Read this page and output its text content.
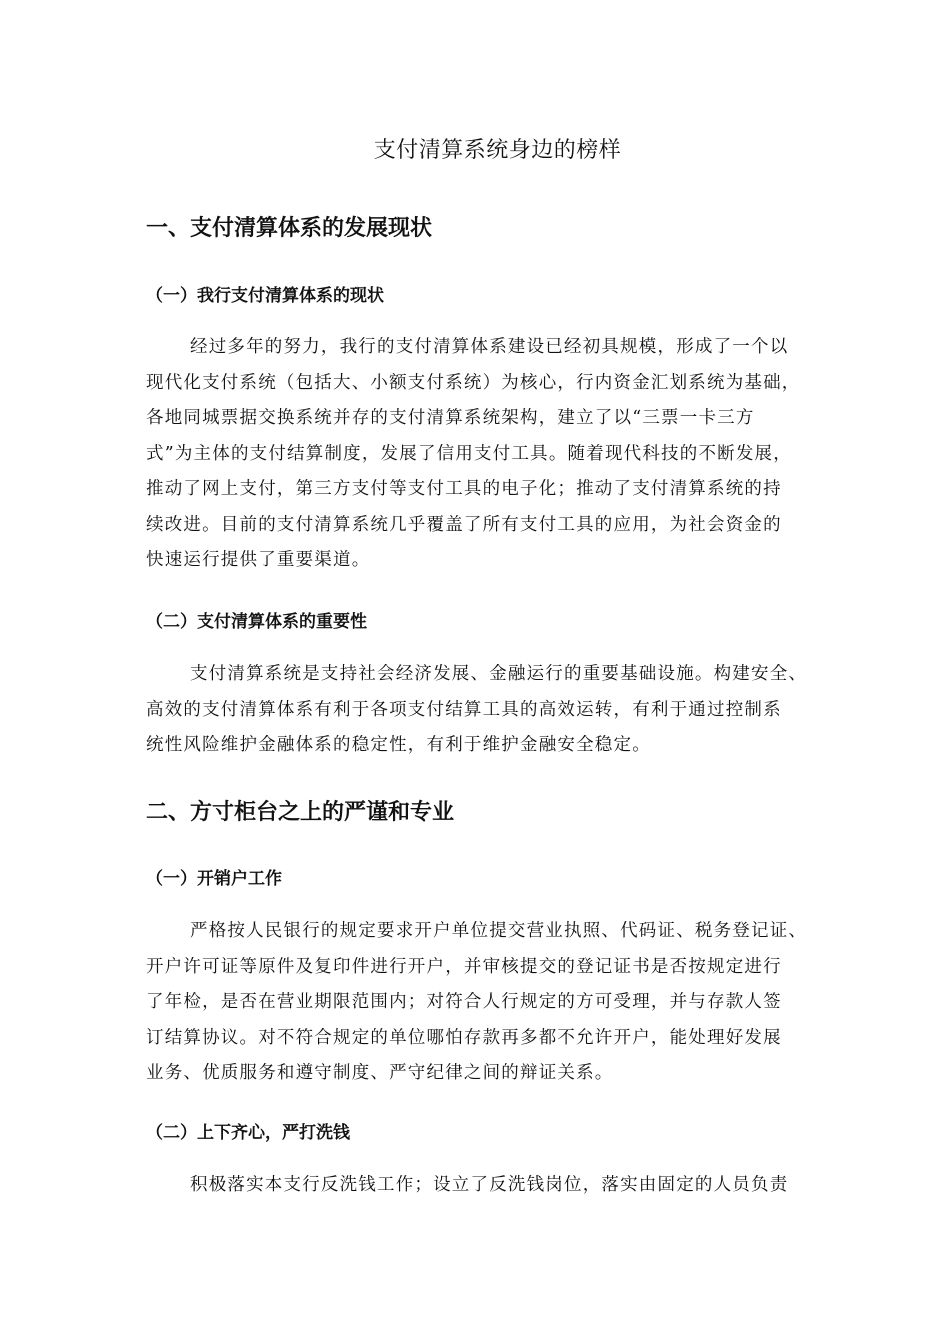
支付清算系统身边的榜样
一、支付清算体系的发展现状
（一）我行支付清算体系的现状
经过多年的努力，我行的支付清算体系建设已经初具规模，形成了一个以
现代化支付系统（包括大、小额支付系统）为核心，行内资金汇划系统为基础，
各地同城票据交换系统并存的支付清算系统架构，建立了以“三票一卡三方
式”为主体的支付结算制度，发展了信用支付工具。随着现代科技的不断发展，
推动了网上支付，第三方支付等支付工具的电子化；推动了支付清算系统的持
续改进。目前的支付清算系统几乎覆盖了所有支付工具的应用，为社会资金的
快速运行提供了重要渠道。
（二）支付清算体系的重要性
支付清算系统是支持社会经济发展、金融运行的重要基础设施。构建安全、
高效的支付清算体系有利于各项支付结算工具的高效运转，有利于通过控制系
统性风险维护金融体系的稳定性，有利于维护金融安全稳定。
二、方寸柜台之上的严谨和专业
（一）开销户工作
严格按人民银行的规定要求开户单位提交营业执照、代码证、税务登记证、
开户许可证等原件及复印件进行开户，并审核提交的登记证书是否按规定进行
了年检，是否在营业期限范围内；对符合人行规定的方可受理，并与存款人签
订结算协议。对不符合规定的单位哪怕存款再多都不允许开户，能处理好发展
业务、优质服务和遵守制度、严守纪律之间的辩证关系。
（二）上下齐心，严打洗钱
积极落实本支行反洗钱工作；设立了反洗钱岗位，落实由固定的人员负责
